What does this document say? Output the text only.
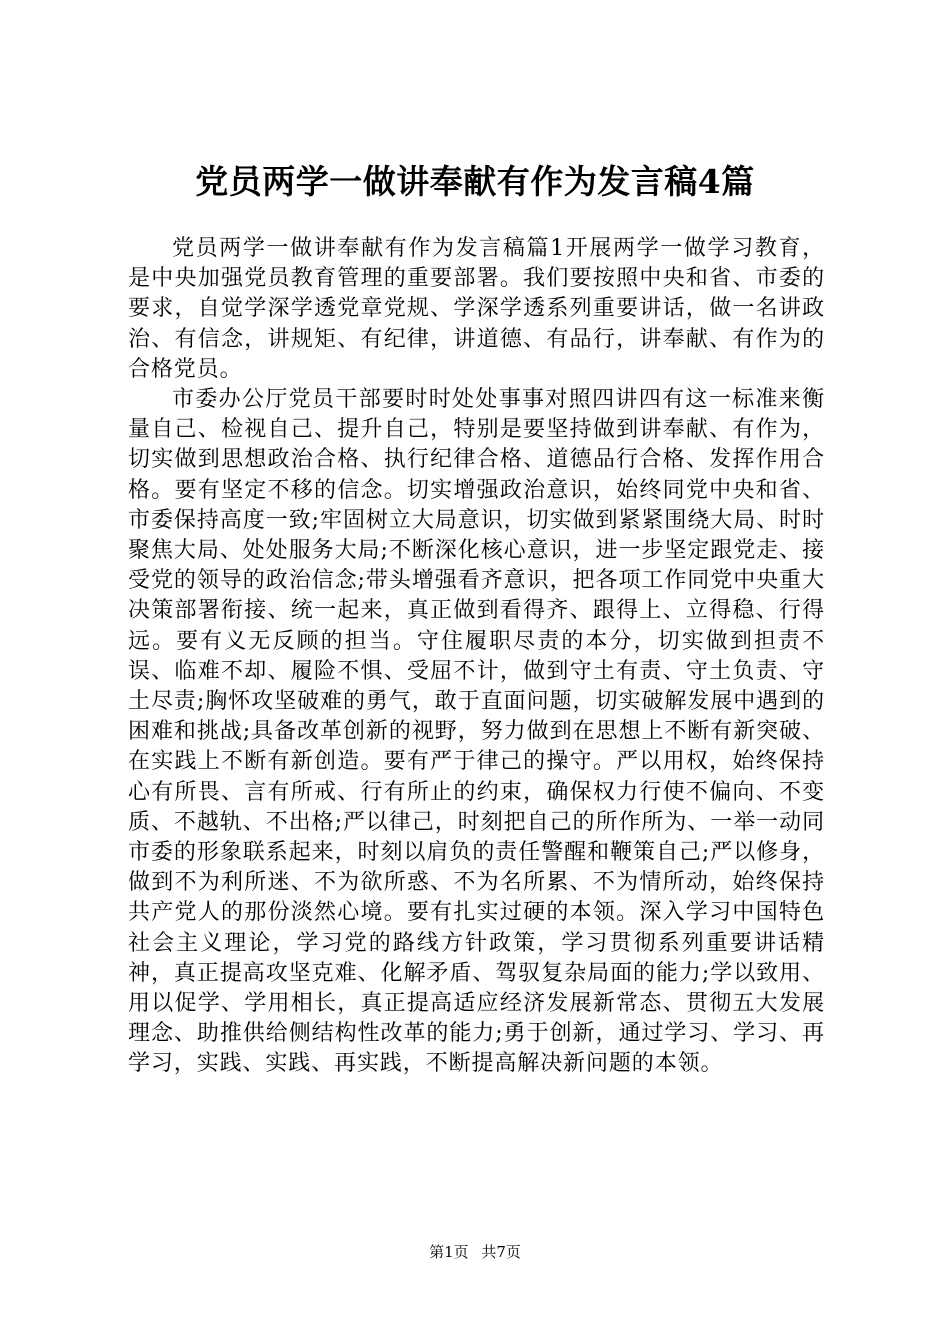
党员两学一做讲奉献有作为发言稿4篇

党员两学一做讲奉献有作为发言稿篇1开展两学一做学习教育，是中央加强党员教育管理的重要部署。我们要按照中央和省、市委的要求，自觉学深学透党章党规、学深学透系列重要讲话，做一名讲政治、有信念，讲规矩、有纪律，讲道德、有品行，讲奉献、有作为的合格党员。

市委办公厅党员干部要时时处处事事对照四讲四有这一标准来衡量自己、检视自己、提升自己，特别是要坚持做到讲奉献、有作为，切实做到思想政治合格、执行纪律合格、道德品行合格、发挥作用合格。要有坚定不移的信念。切实增强政治意识，始终同党中央和省、市委保持高度一致;牢固树立大局意识，切实做到紧紧围绕大局、时时聚焦大局、处处服务大局;不断深化核心意识，进一步坚定跟党走、接受党的领导的政治信念;带头增强看齐意识，把各项工作同党中央重大决策部署衔接、统一起来，真正做到看得齐、跟得上、立得稳、行得远。要有义无反顾的担当。守住履职尽责的本分，切实做到担责不误、临难不却、履险不惧、受屈不计，做到守土有责、守土负责、守土尽责;胸怀攻坚破难的勇气，敢于直面问题，切实破解发展中遇到的困难和挑战;具备改革创新的视野，努力做到在思想上不断有新突破、在实践上不断有新创造。要有严于律己的操守。严以用权，始终保持心有所畏、言有所戒、行有所止的约束，确保权力行使不偏向、不变质、不越轨、不出格;严以律己，时刻把自己的所作所为、一举一动同市委的形象联系起来，时刻以肩负的责任警醒和鞭策自己;严以修身，做到不为利所迷、不为欲所惑、不为名所累、不为情所动，始终保持共产党人的那份淡然心境。要有扎实过硬的本领。深入学习中国特色社会主义理论，学习党的路线方针政策，学习贯彻系列重要讲话精神，真正提高攻坚克难、化解矛盾、驾驭复杂局面的能力;学以致用、用以促学、学用相长，真正提高适应经济发展新常态、贯彻五大发展理念、助推供给侧结构性改革的能力;勇于创新，通过学习、学习、再学习，实践、实践、再实践，不断提高解决新问题的本领。

第1页 共7页
